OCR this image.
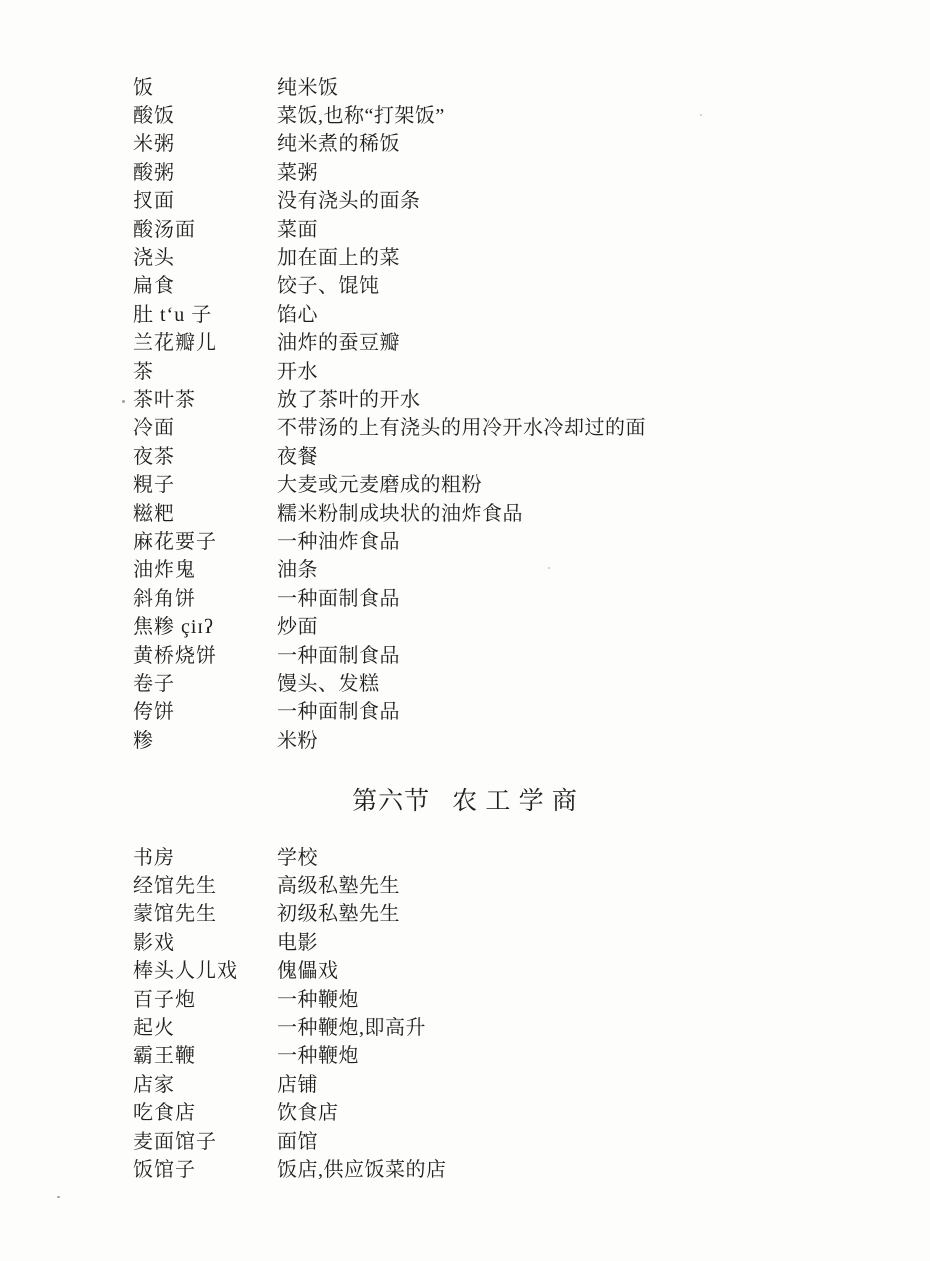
饭	纯米饭
酸饭	菜饭,也称“打架饭”
米粥	纯米煮的稀饭
酸粥	菜粥
扠面	没有浇头的面条
酸汤面	菜面
浇头	加在面上的菜
扁食	饺子、馄饨
肚 t‘u 子	馅心
兰花瓣儿	油炸的蚕豆瓣
茶	开水
茶叶茶	放了茶叶的开水
冷面	不带汤的上有浇头的用冷开水冷却过的面
夜茶	夜餐
粯子	大麦或元麦磨成的粗粉
糍粑	糯米粉制成块状的油炸食品
麻花要子	一种油炸食品
油炸鬼	油条
斜角饼	一种面制食品
焦糁 çiɪʔ	炒面
黄桥烧饼	一种面制食品
卷子	馒头、发糕
侉饼	一种面制食品
糁	米粉
第六节 农 工 学 商
书房	学校
经馆先生	高级私塾先生
蒙馆先生	初级私塾先生
影戏	电影
棒头人儿戏	傀儡戏
百子炮	一种鞭炮
起火	一种鞭炮,即高升
霸王鞭	一种鞭炮
店家	店铺
吃食店	饮食店
麦面馆子	面馆
饭馆子	饭店,供应饭菜的店
